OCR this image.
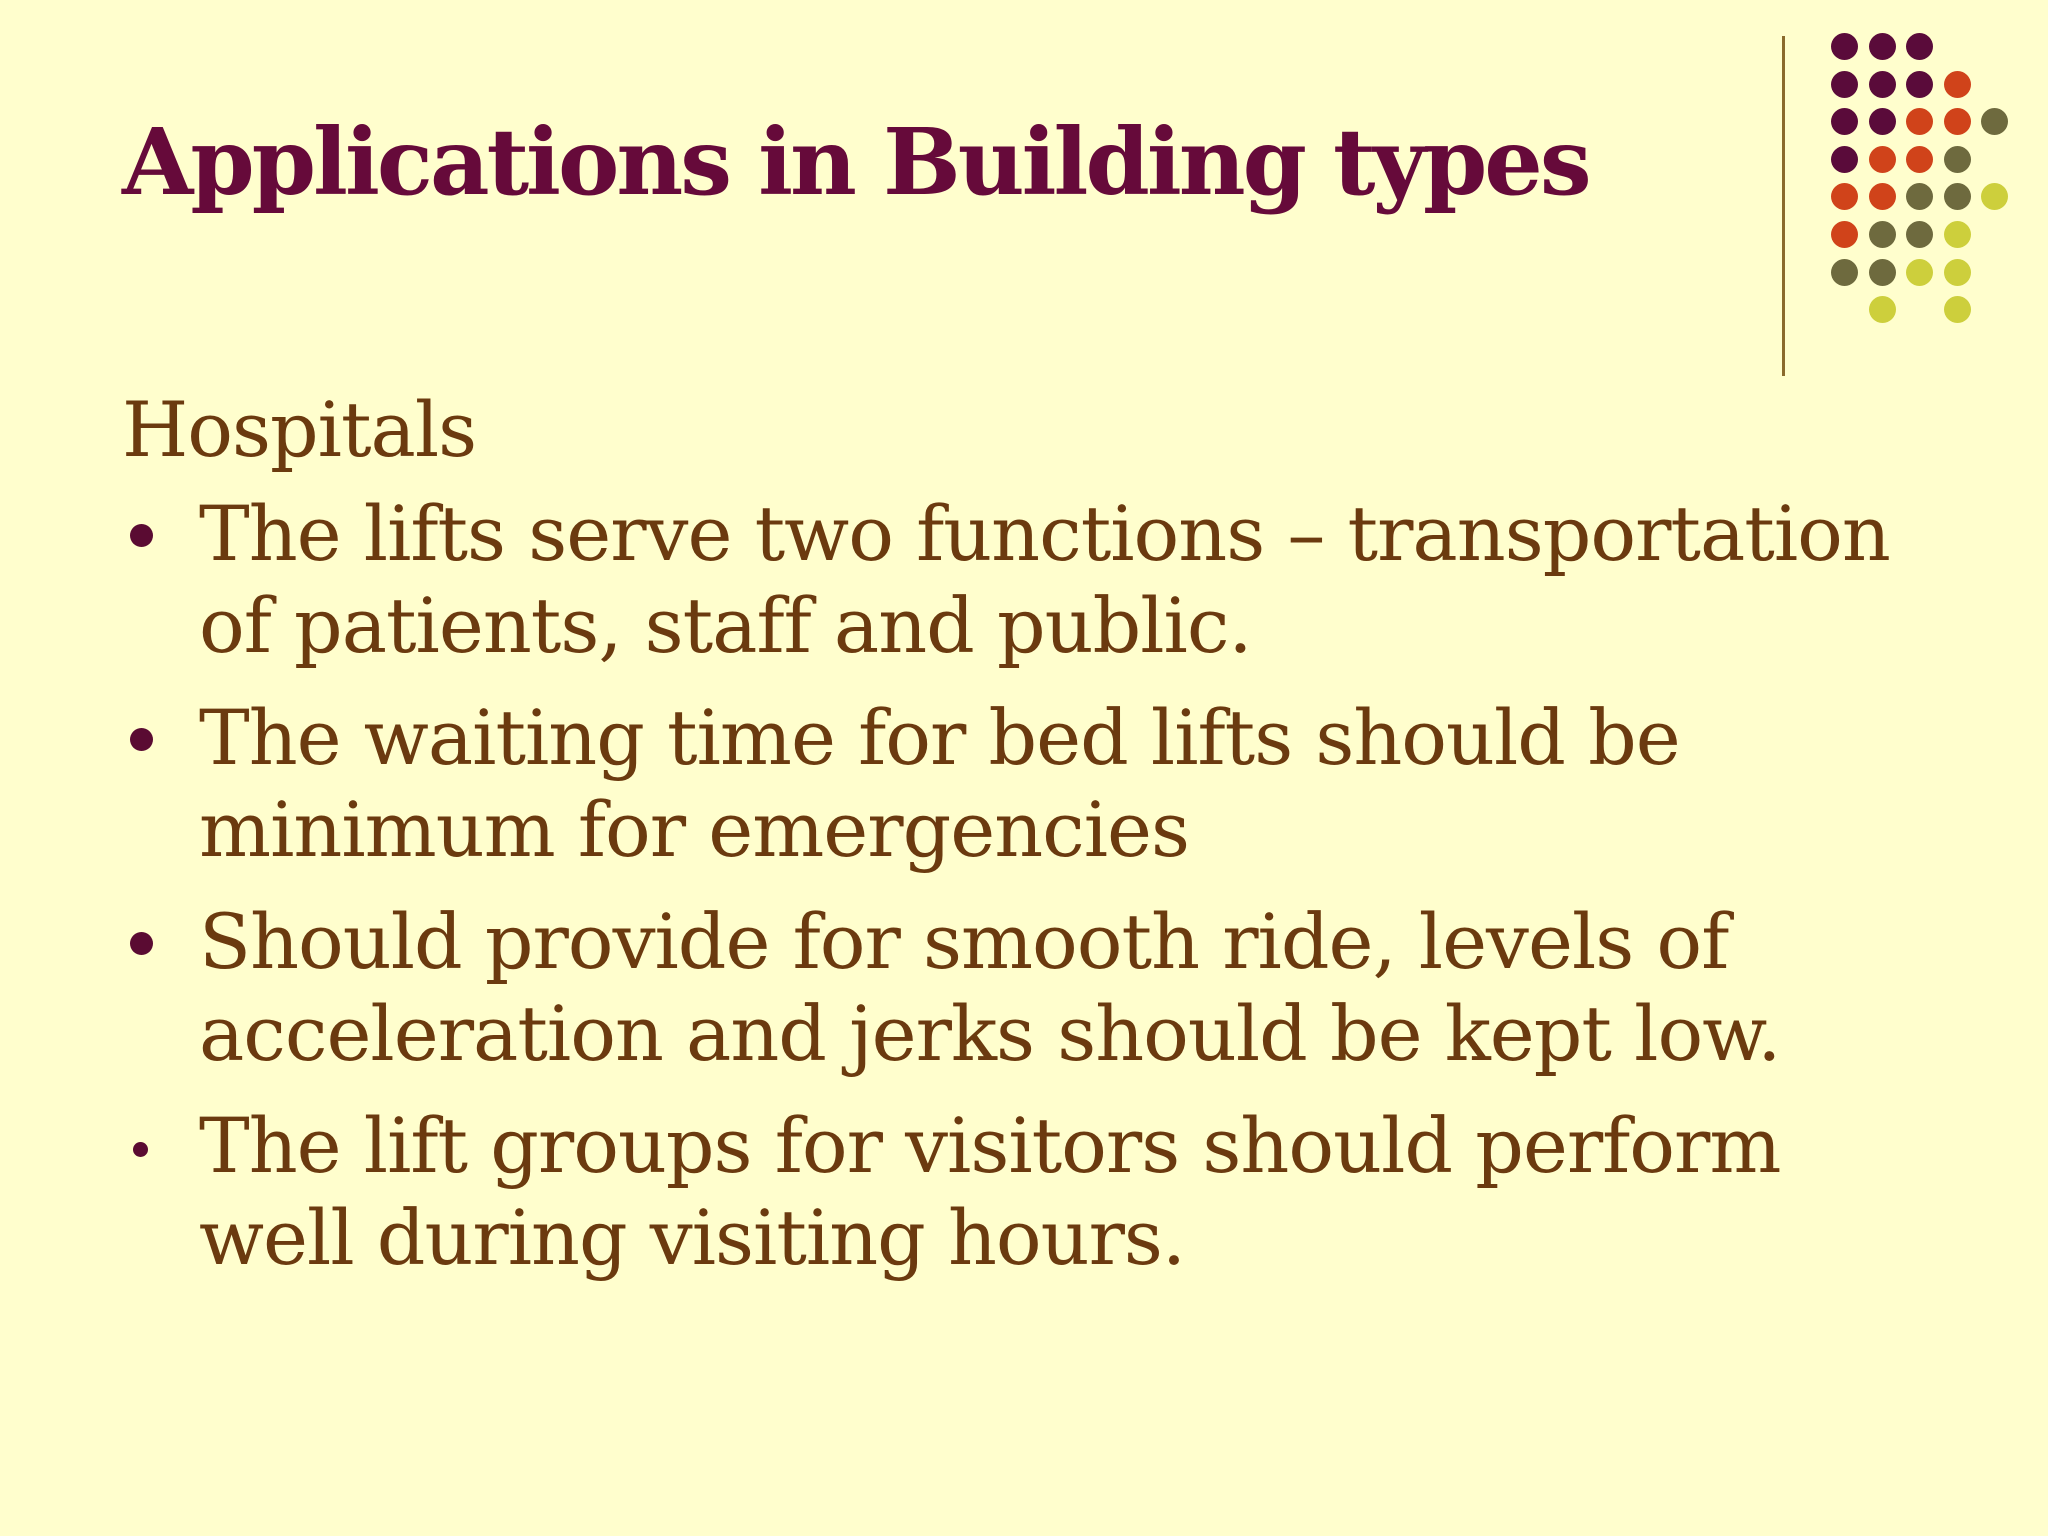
Applications in Building types
Hospitals
The lifts serve two functions – transportation of patients, staff and public.
The waiting time for bed lifts should be minimum for emergencies
Should provide for smooth ride, levels of acceleration and jerks should be kept low.
The lift groups for visitors should perform well during visiting hours.
